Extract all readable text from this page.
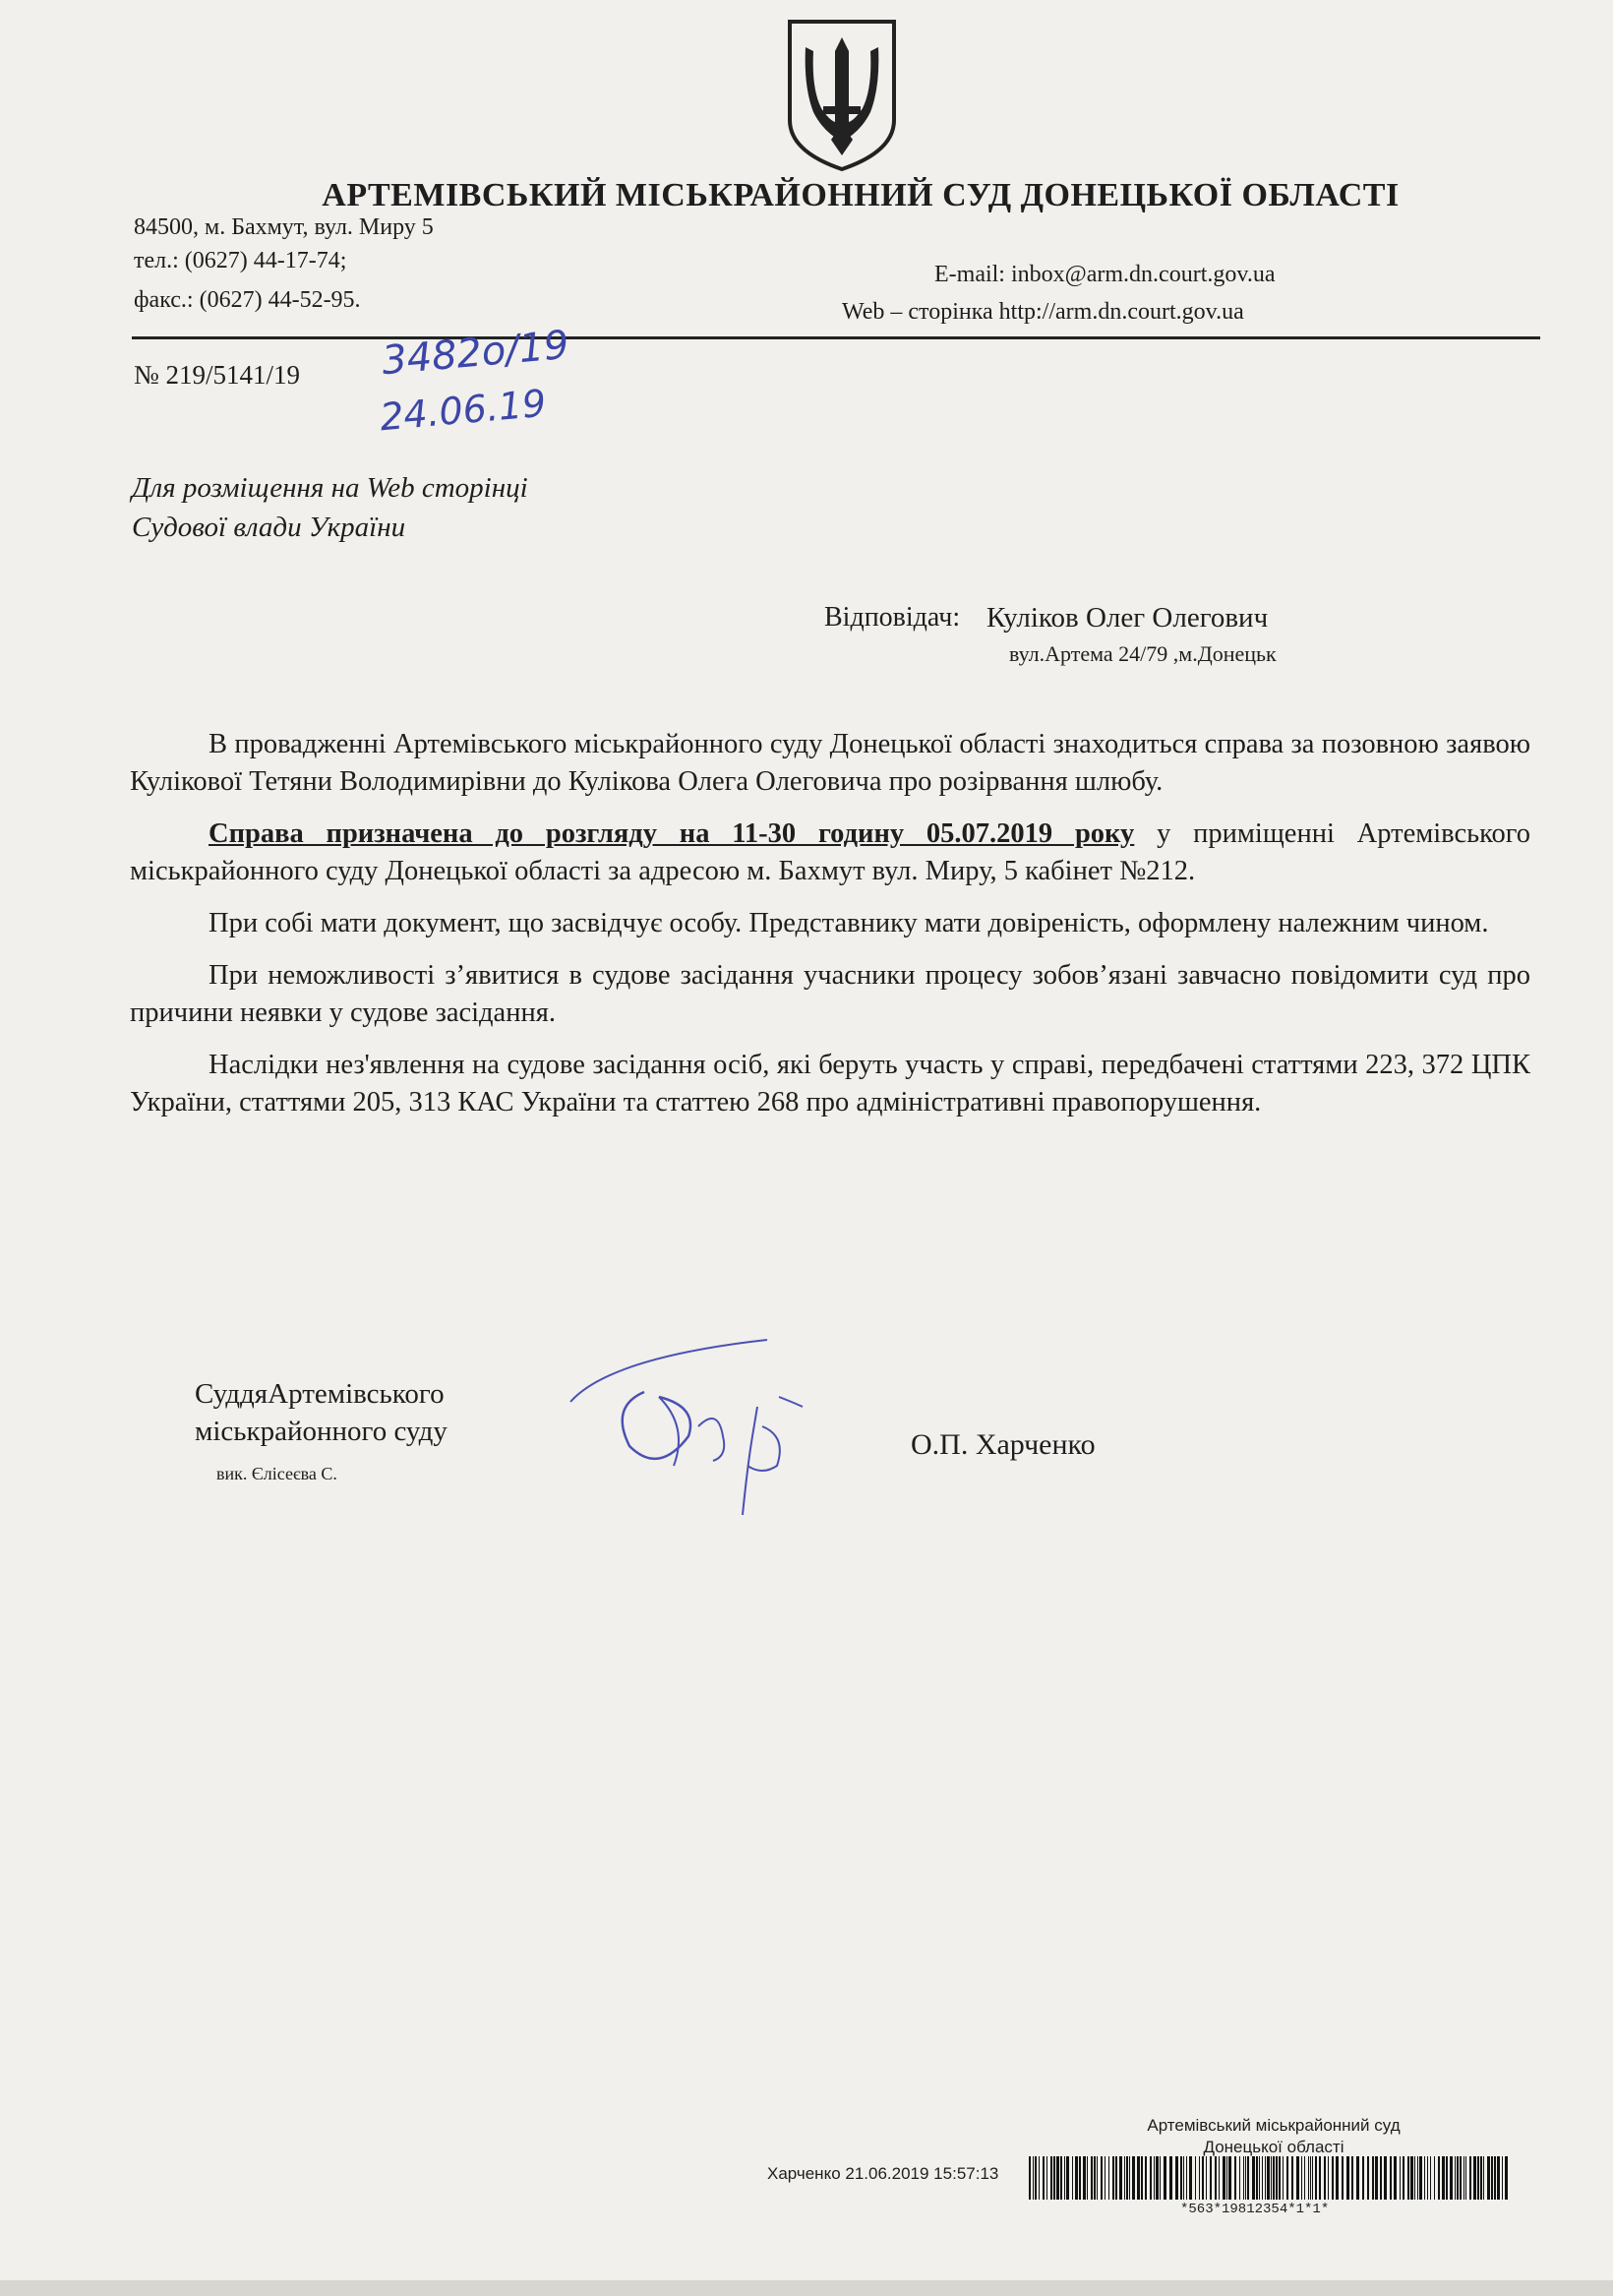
АРТЕМІВСЬКИЙ МІСЬКРАЙОННИЙ СУД ДОНЕЦЬКОЇ ОБЛАСТІ
84500, м. Бахмут, вул. Миру 5
тел.: (0627) 44-17-74;
факс.: (0627) 44-52-95.
E-mail: inbox@arm.dn.court.gov.ua
Web – сторінка http://arm.dn.court.gov.ua
№ 219/5141/19 3482о/19
24.06.19
Для розміщення на Web сторінці
Судової влади України
Відповідач: Куліков Олег Олегович
вул.Артема 24/79 ,м.Донецьк

В провадженні Артемівського міськрайонного суду Донецької області знаходиться справа за позовною заявою Кулікової Тетяни Володимирівни до Кулікова Олега Олеговича про розірвання шлюбу.

Справа призначена до розгляду на 11-30 годину 05.07.2019 року у приміщенні Артемівського міськрайонного суду Донецької області за адресою м. Бахмут вул. Миру, 5 кабінет №212.

При собі мати документ, що засвідчує особу. Представнику мати довіреність, оформлену належним чином.

При неможливості з’явитися в судове засідання учасники процесу зобов’язані завчасно повідомити суд про причини неявки у судове засідання.

Наслідки нез'явлення на судове засідання осіб, які беруть участь у справі, передбачені статтями 223, 372 ЦПК України, статтями 205, 313 КАС України та статтею 268 про адміністративні правопорушення.

СуддяАртемівського
міськрайонного суду
вик. Єлісеєва С.
О.П. Харченко
Артемівський міськрайонний суд
Донецької області
Харченко 21.06.2019 15:57:13
*563*19812354*1*1*
